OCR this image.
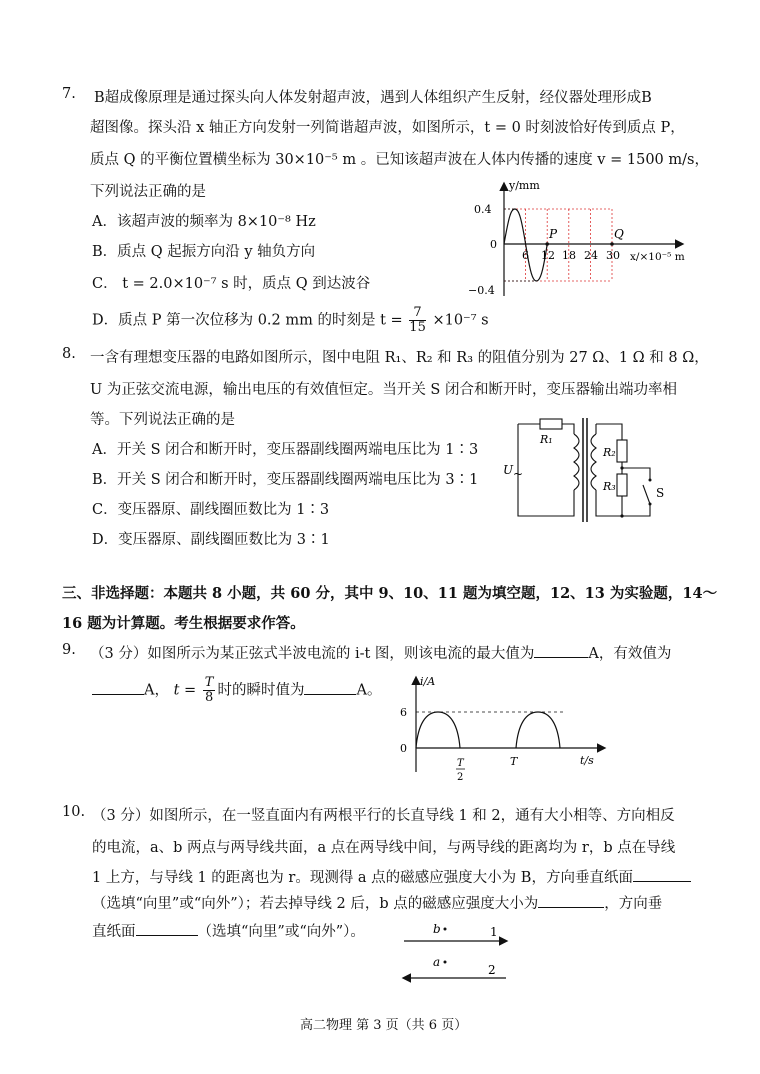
7. B超成像原理是通过探头向人体发射超声波，遇到人体组织产生反射，经仪器处理形成B
超图像。探头沿 x 轴正方向发射一列简谐超声波，如图所示，t = 0 时刻波恰好传到质点 P，
质点 Q 的平衡位置横坐标为 30×10⁻⁵ m 。已知该超声波在人体内传播的速度 v = 1500 m/s，
下列说法正确的是
A．该超声波的频率为 8×10⁻⁸ Hz
B．质点 Q 起振方向沿 y 轴负方向
C． t = 2.0×10⁻⁷ s 时，质点 Q 到达波谷
D．质点 P 第一次位移为 0.2 mm 的时刻是 $t = \frac{7}{15} \times 10^{-7}$ s
y/mm
x/×10⁻⁵ m
0.4
0
−0.4
6 12 18 24 30
P	Q
8. 一含有理想变压器的电路如图所示，图中电阻 R₁、R₂ 和 R₃ 的阻值分别为 27 Ω、1 Ω 和 8 Ω，
U 为正弦交流电源，输出电压的有效值恒定。当开关 S 闭合和断开时，变压器输出端功率相
等。下列说法正确的是
A．开关 S 闭合和断开时，变压器副线圈两端电压比为 1∶3
B．开关 S 闭合和断开时，变压器副线圈两端电压比为 3∶1
C．变压器原、副线圈匝数比为 1∶3
D．变压器原、副线圈匝数比为 3∶1
R₁
R₂
R₃
U ~
S
三、非选择题：本题共 8 小题，共 60 分，其中 9、10、11 题为填空题，12、13 为实验题，14～
16 题为计算题。考生根据要求作答。
9. （3 分）如图所示为某正弦式半波电流的 i-t 图，则该电流的最大值为	A，有效值为
A， $t = \frac{T}{8}$ 时的瞬时值为	A。
i/A
t/s
6
0
T
2
T
10. （3 分）如图所示，在一竖直面内有两根平行的长直导线 1 和 2，通有大小相等、方向相反
的电流，a、b 两点与两导线共面，a 点在两导线中间，与两导线的距离均为 r，b 点在导线
1 上方，与导线 1 的距离也为 r。现测得 a 点的磁感应强度大小为 B，方向垂直纸面
（选填“向里”或“向外”）；若去掉导线 2 后，b 点的磁感应强度大小为	，方向垂
直纸面	（选填“向里”或“向外”）。	b
a
1
2
高二物理 第 3 页（共 6 页）
